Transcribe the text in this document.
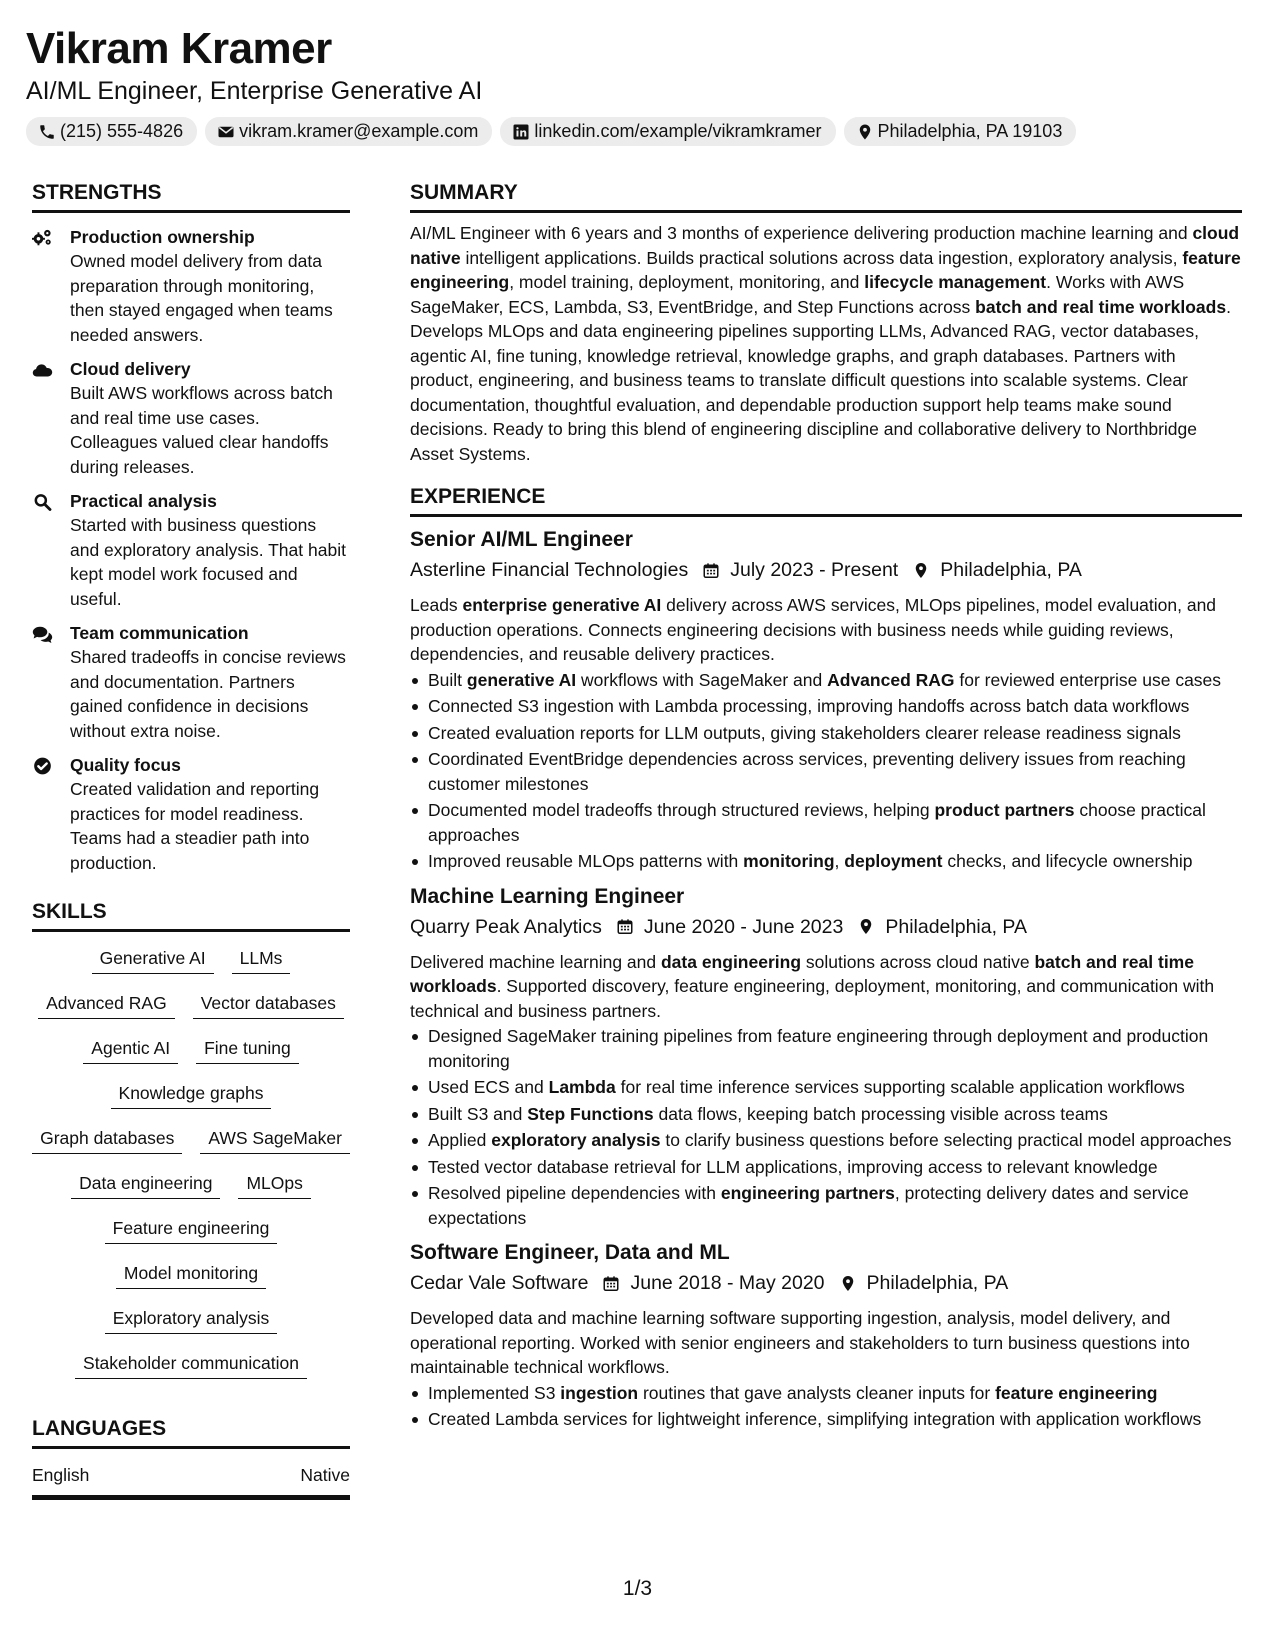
Vikram Kramer
AI/ML Engineer, Enterprise Generative AI
(215) 555-4826	vikram.kramer@example.com	linkedin.com/example/vikramkramer	Philadelphia, PA 19103
STRENGTHS
Production ownership
Owned model delivery from data preparation through monitoring, then stayed engaged when teams needed answers.
Cloud delivery
Built AWS workflows across batch and real time use cases. Colleagues valued clear handoffs during releases.
Practical analysis
Started with business questions and exploratory analysis. That habit kept model work focused and useful.
Team communication
Shared tradeoffs in concise reviews and documentation. Partners gained confidence in decisions without extra noise.
Quality focus
Created validation and reporting practices for model readiness. Teams had a steadier path into production.
SKILLS
Generative AI	LLMs
Advanced RAG	Vector databases
Agentic AI	Fine tuning
Knowledge graphs
Graph databases	AWS SageMaker
Data engineering	MLOps
Feature engineering
Model monitoring
Exploratory analysis
Stakeholder communication
LANGUAGES
English	Native
SUMMARY
AI/ML Engineer with 6 years and 3 months of experience delivering production machine learning and cloud native intelligent applications. Builds practical solutions across data ingestion, exploratory analysis, feature engineering, model training, deployment, monitoring, and lifecycle management. Works with AWS SageMaker, ECS, Lambda, S3, EventBridge, and Step Functions across batch and real time workloads. Develops MLOps and data engineering pipelines supporting LLMs, Advanced RAG, vector databases, agentic AI, fine tuning, knowledge retrieval, knowledge graphs, and graph databases. Partners with product, engineering, and business teams to translate difficult questions into scalable systems. Clear documentation, thoughtful evaluation, and dependable production support help teams make sound decisions. Ready to bring this blend of engineering discipline and collaborative delivery to Northbridge Asset Systems.
EXPERIENCE
Senior AI/ML Engineer
Asterline Financial Technologies July 2023 - Present Philadelphia, PA
Leads enterprise generative AI delivery across AWS services, MLOps pipelines, model evaluation, and production operations. Connects engineering decisions with business needs while guiding reviews, dependencies, and reusable delivery practices.
Built generative AI workflows with SageMaker and Advanced RAG for reviewed enterprise use cases
Connected S3 ingestion with Lambda processing, improving handoffs across batch data workflows
Created evaluation reports for LLM outputs, giving stakeholders clearer release readiness signals
Coordinated EventBridge dependencies across services, preventing delivery issues from reaching customer milestones
Documented model tradeoffs through structured reviews, helping product partners choose practical approaches
Improved reusable MLOps patterns with monitoring, deployment checks, and lifecycle ownership
Machine Learning Engineer
Quarry Peak Analytics June 2020 - June 2023 Philadelphia, PA
Delivered machine learning and data engineering solutions across cloud native batch and real time workloads. Supported discovery, feature engineering, deployment, monitoring, and communication with technical and business partners.
Designed SageMaker training pipelines from feature engineering through deployment and production monitoring
Used ECS and Lambda for real time inference services supporting scalable application workflows
Built S3 and Step Functions data flows, keeping batch processing visible across teams
Applied exploratory analysis to clarify business questions before selecting practical model approaches
Tested vector database retrieval for LLM applications, improving access to relevant knowledge
Resolved pipeline dependencies with engineering partners, protecting delivery dates and service expectations
Software Engineer, Data and ML
Cedar Vale Software June 2018 - May 2020 Philadelphia, PA
Developed data and machine learning software supporting ingestion, analysis, model delivery, and operational reporting. Worked with senior engineers and stakeholders to turn business questions into maintainable technical workflows.
Implemented S3 ingestion routines that gave analysts cleaner inputs for feature engineering
Created Lambda services for lightweight inference, simplifying integration with application workflows
1/3
